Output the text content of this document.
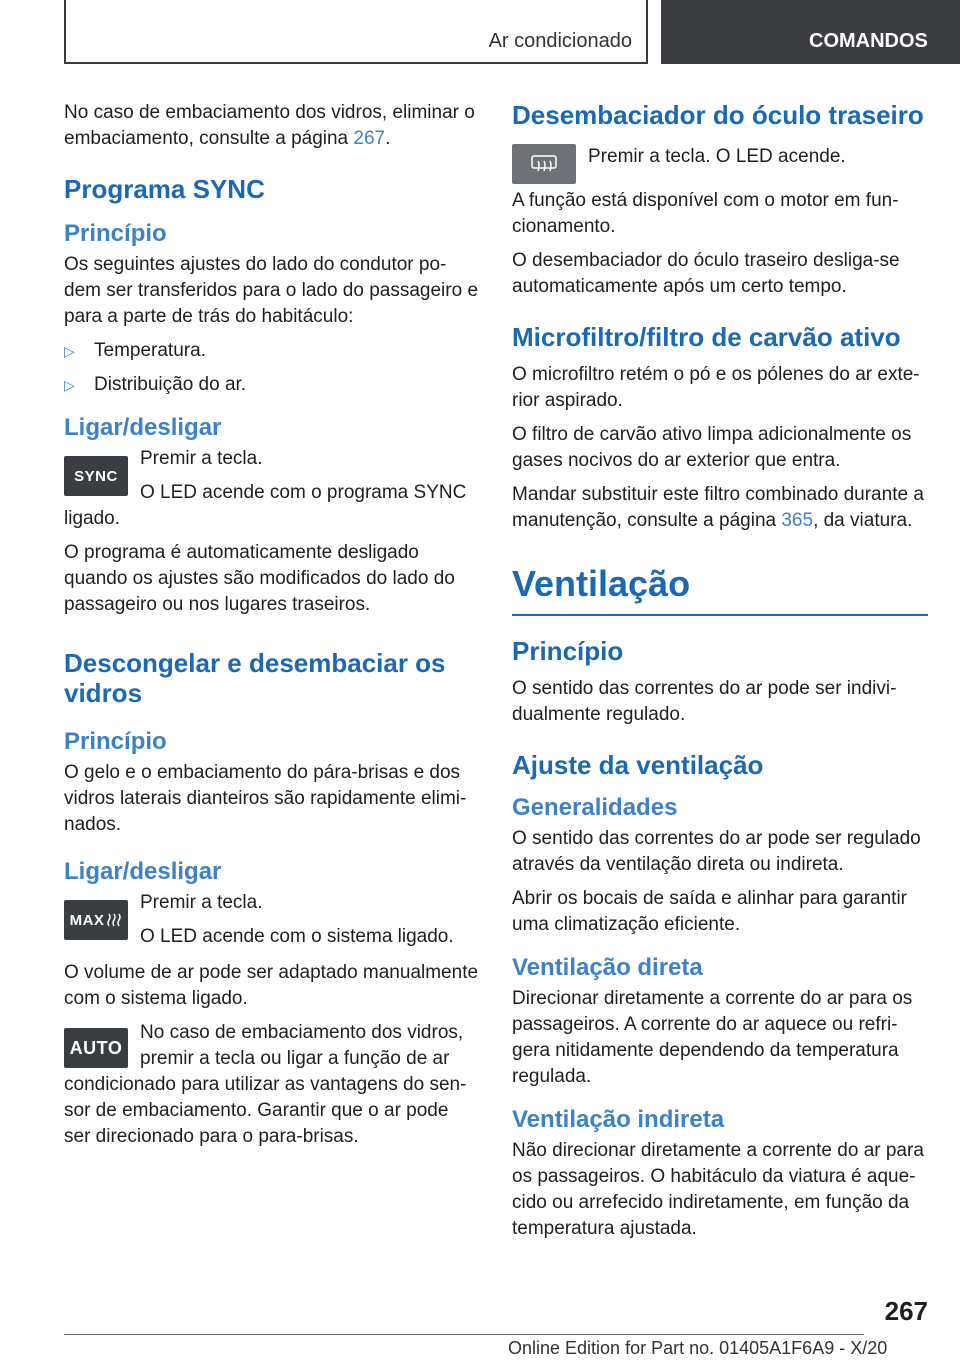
Ar condicionado	COMANDOS

No caso de embaciamento dos vidros, eliminar o embaciamento, consulte a página 267.

Programa SYNC
Princípio

Os seguintes ajustes do lado do condutor po-dem ser transferidos para o lado do passageiro e para a parte de trás do habitáculo:

▷ Temperatura.
▷ Distribuição do ar.
Ligar/desligar
SYNC

Premir a tecla.

O LED acende com o programa SYNC ligado.

O programa é automaticamente desligado quando os ajustes são modificados do lado do passageiro ou nos lugares traseiros.

Descongelar e desembaciar os vidros
Princípio

O gelo e o embaciamento do pára-brisas e dos vidros laterais dianteiros são rapidamente elimi-nados.

Ligar/desligar
MAX

Premir a tecla.

O LED acende com o sistema ligado.

O volume de ar pode ser adaptado manualmente com o sistema ligado.

AUTO

No caso de embaciamento dos vidros, premir a tecla ou ligar a função de ar condicionado para utilizar as vantagens do sen-sor de embaciamento. Garantir que o ar pode ser direcionado para o para-brisas.

Desembaciador do óculo traseiro

Premir a tecla. O LED acende.

A função está disponível com o motor em fun-cionamento.

O desembaciador do óculo traseiro desliga-se automaticamente após um certo tempo.

Microfiltro/filtro de carvão ativo

O microfiltro retém o pó e os pólenes do ar exte-rior aspirado.

O filtro de carvão ativo limpa adicionalmente os gases nocivos do ar exterior que entra.

Mandar substituir este filtro combinado durante a manutenção, consulte a página 365, da viatura.

Ventilação
Princípio

O sentido das correntes do ar pode ser indivi-dualmente regulado.

Ajuste da ventilação
Generalidades

O sentido das correntes do ar pode ser regulado através da ventilação direta ou indireta.

Abrir os bocais de saída e alinhar para garantir uma climatização eficiente.

Ventilação direta

Direcionar diretamente a corrente do ar para os passageiros. A corrente do ar aquece ou refri-gera nitidamente dependendo da temperatura regulada.

Ventilação indireta

Não direcionar diretamente a corrente do ar para os passageiros. O habitáculo da viatura é aque-cido ou arrefecido indiretamente, em função da temperatura ajustada.

267
Online Edition for Part no. 01405A1F6A9 - X/20
